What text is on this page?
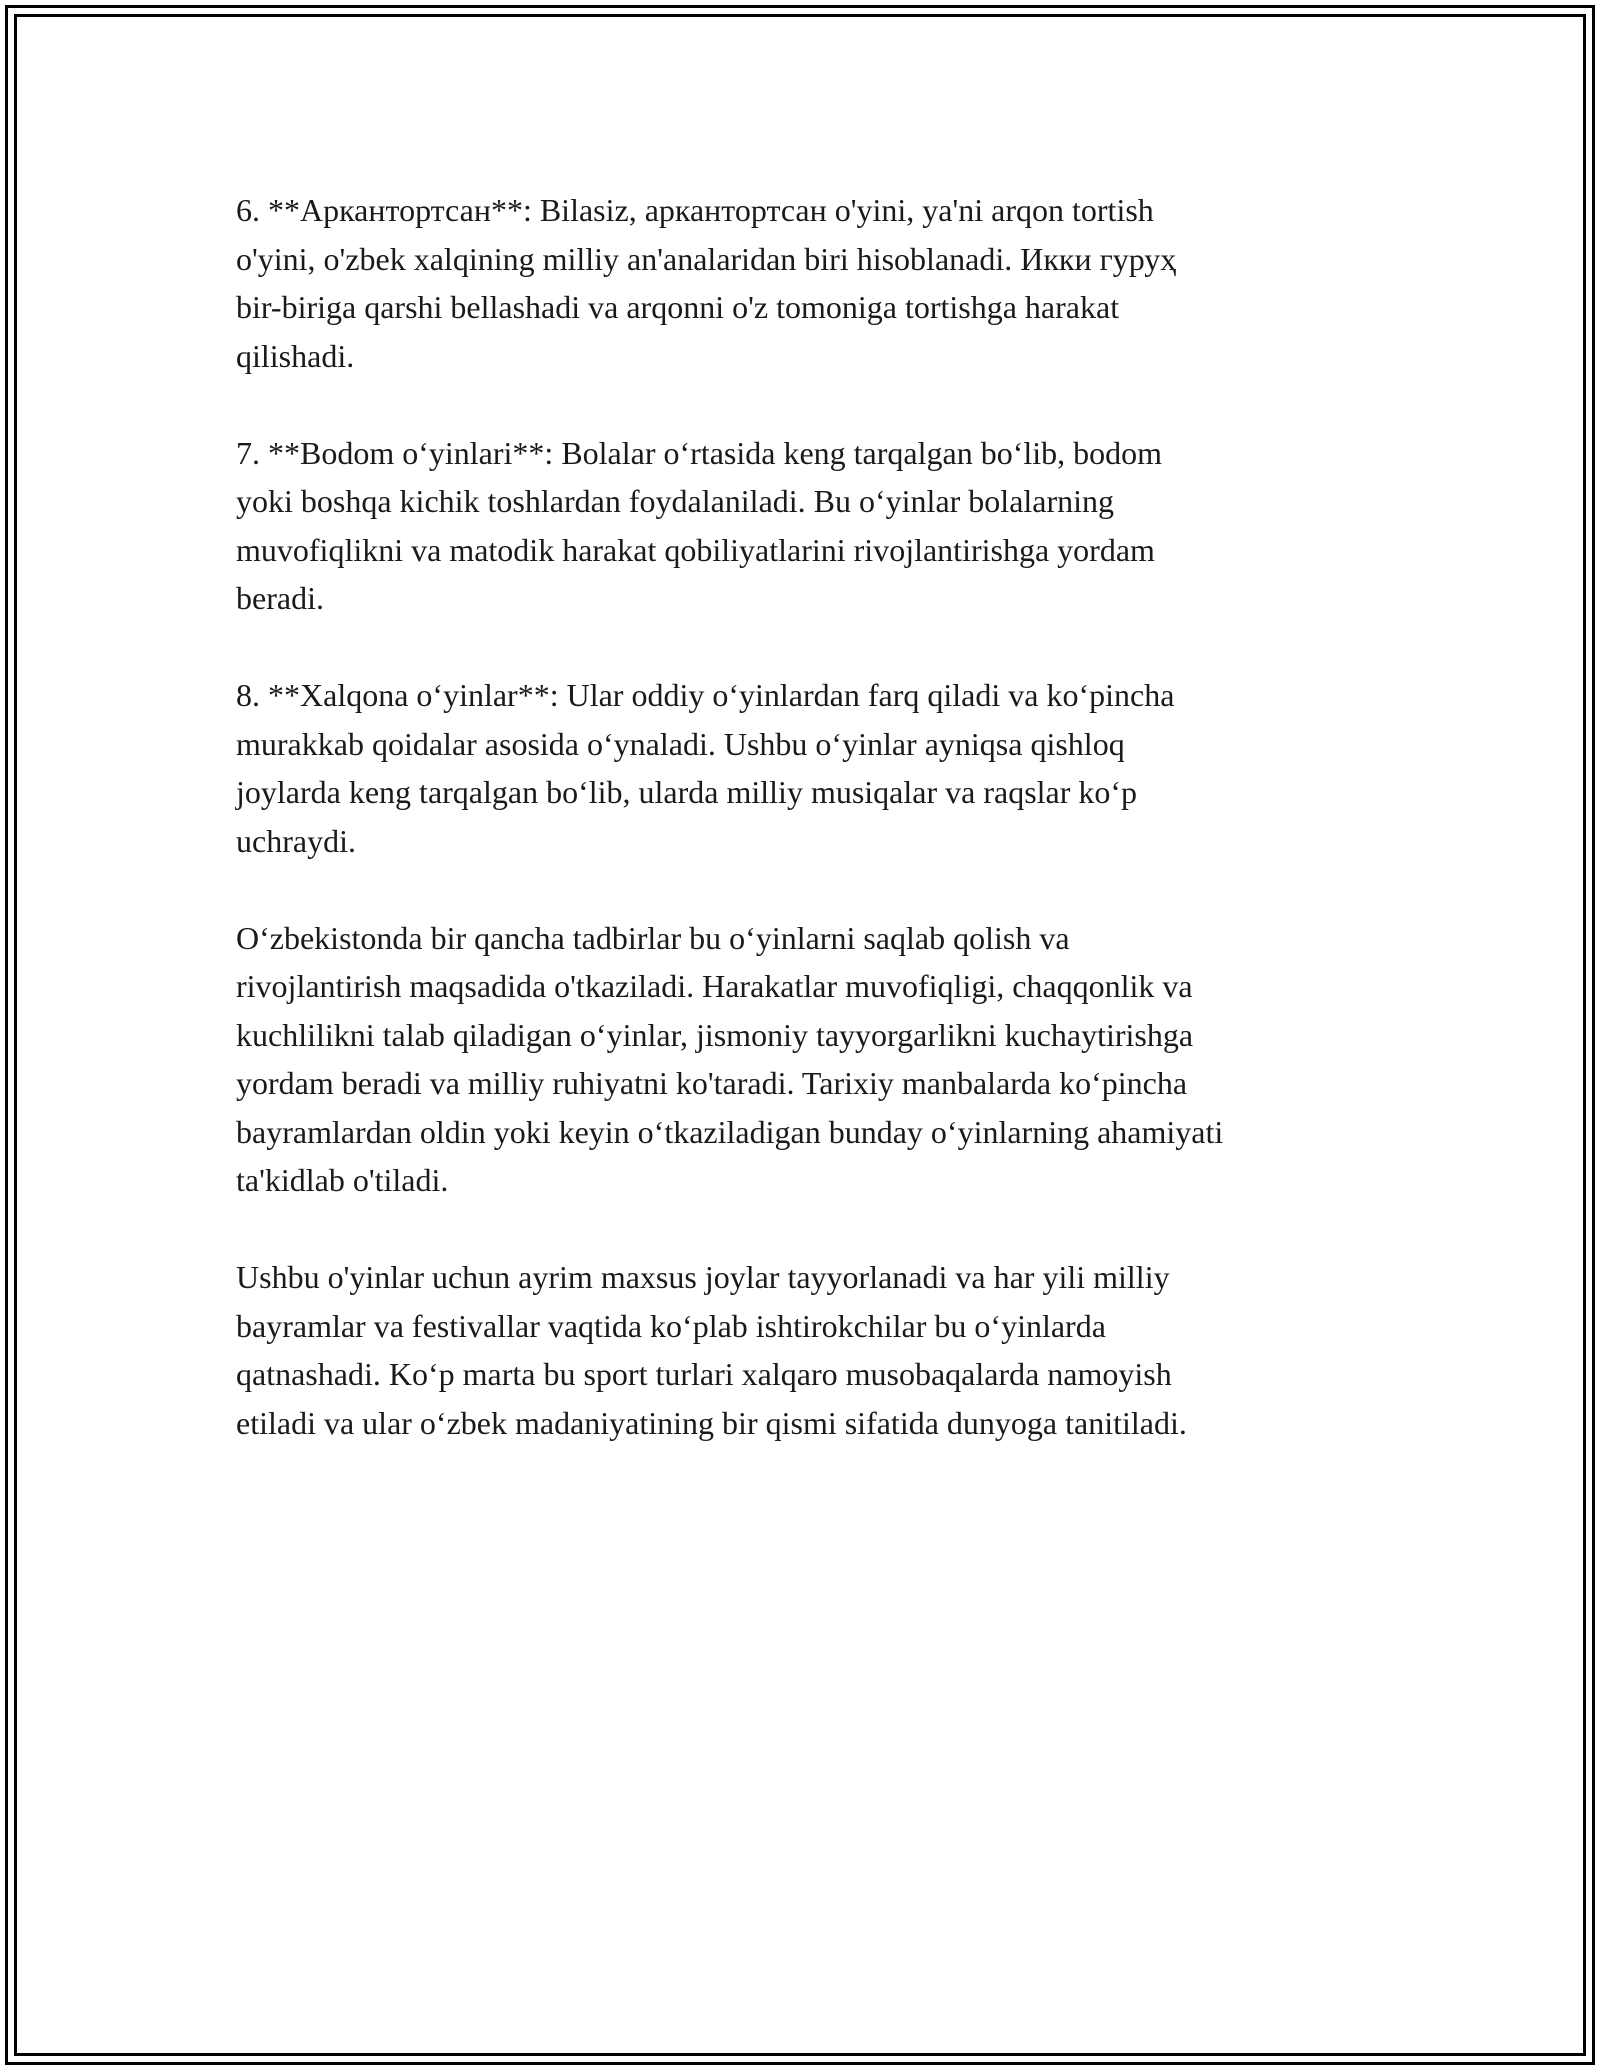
6. **Аркантортсан**: Bilasiz, аркантортсан o'yini, ya'ni arqon tortish
o'yini, o'zbek xalqining milliy an'analaridan biri hisoblanadi. Икки гуруҳ
bir-biriga qarshi bellashadi va arqonni o'z tomoniga tortishga harakat
qilishadi.

7. **Bodom o‘yinlari**: Bolalar o‘rtasida keng tarqalgan bo‘lib, bodom
yoki boshqa kichik toshlardan foydalaniladi. Bu o‘yinlar bolalarning
muvofiqlikni va matodik harakat qobiliyatlarini rivojlantirishga yordam
beradi.

8. **Xalqona o‘yinlar**: Ular oddiy o‘yinlardan farq qiladi va ko‘pincha
murakkab qoidalar asosida o‘ynaladi. Ushbu o‘yinlar ayniqsa qishloq
joylarda keng tarqalgan bo‘lib, ularda milliy musiqalar va raqslar ko‘p
uchraydi.

O‘zbekistonda bir qancha tadbirlar bu o‘yinlarni saqlab qolish va
rivojlantirish maqsadida o'tkaziladi. Harakatlar muvofiqligi, chaqqonlik va
kuchlilikni talab qiladigan o‘yinlar, jismoniy tayyorgarlikni kuchaytirishga
yordam beradi va milliy ruhiyatni ko'taradi. Tarixiy manbalarda ko‘pincha
bayramlardan oldin yoki keyin o‘tkaziladigan bunday o‘yinlarning ahamiyati
ta'kidlab o'tiladi.

Ushbu o'yinlar uchun ayrim maxsus joylar tayyorlanadi va har yili milliy
bayramlar va festivallar vaqtida ko‘plab ishtirokchilar bu o‘yinlarda
qatnashadi. Ko‘p marta bu sport turlari xalqaro musobaqalarda namoyish
etiladi va ular o‘zbek madaniyatining bir qismi sifatida dunyoga tanitiladi.
